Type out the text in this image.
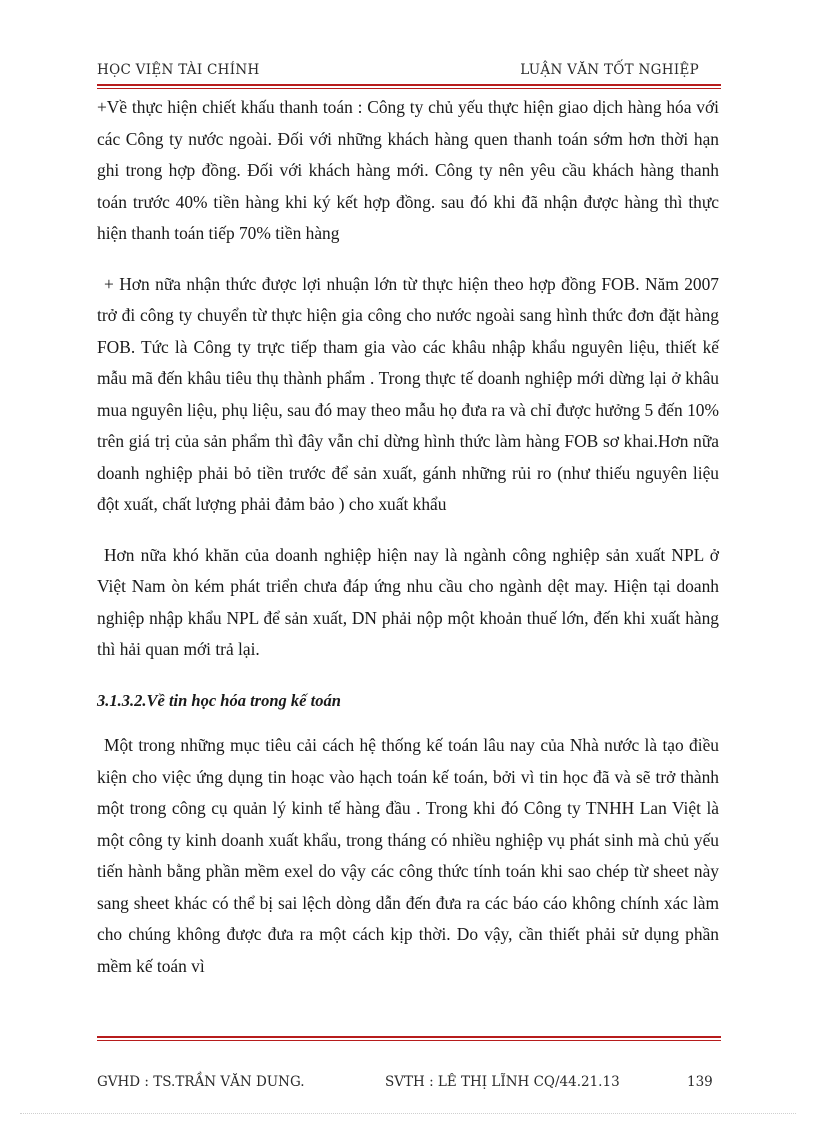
HỌC VIỆN TÀI CHÍNH	LUẬN VĂN TỐT NGHIỆP

+Về thực hiện chiết khấu thanh toán : Công ty chủ yếu thực hiện giao dịch hàng hóa với các Công ty nước ngoài. Đối với những khách hàng quen thanh toán sớm hơn thời hạn ghi trong hợp đồng. Đối với khách hàng mới. Công ty nên yêu cầu khách hàng thanh toán trước 40% tiền hàng khi ký kết hợp đồng. sau đó khi đã nhận được hàng thì thực hiện thanh toán tiếp 70% tiền hàng

+ Hơn nữa nhận thức được lợi nhuận lớn từ thực hiện theo hợp đồng FOB. Năm 2007 trở đi công ty chuyển từ thực hiện gia công cho nước ngoài sang hình thức đơn đặt hàng FOB. Tức là Công ty trực tiếp tham gia vào các khâu nhập khẩu nguyên liệu, thiết kế mẫu mã đến khâu tiêu thụ thành phẩm . Trong thực tế doanh nghiệp mới dừng lại ở khâu mua nguyên liệu, phụ liệu, sau đó may theo mẫu họ đưa ra và chỉ được hưởng 5 đến 10% trên giá trị của sản phẩm thì đây vẫn chỉ dừng hình thức làm hàng FOB sơ khai.Hơn nữa doanh nghiệp phải bỏ tiền trước để sản xuất, gánh những rủi ro (như thiếu nguyên liệu đột xuất, chất lượng phải đảm bảo ) cho xuất khẩu

Hơn nữa khó khăn của doanh nghiệp hiện nay là ngành công nghiệp sản xuất NPL ở Việt Nam òn kém phát triển chưa đáp ứng nhu cầu cho ngành dệt may. Hiện tại doanh nghiệp nhập khẩu NPL để sản xuất, DN phải nộp một khoản thuế lớn, đến khi xuất hàng thì hải quan mới trả lại.

3.1.3.2.Về tin học hóa trong kế toán

Một trong những mục tiêu cải cách hệ thống kế toán lâu nay của Nhà nước là tạo điều kiện cho việc ứng dụng tin hoạc vào hạch toán kế toán, bởi vì tin học đã và sẽ trở thành một trong công cụ quản lý kinh tế hàng đầu . Trong khi đó Công ty TNHH Lan Việt là một công ty kinh doanh xuất khẩu, trong tháng có nhiều nghiệp vụ phát sinh mà chủ yếu tiến hành bằng phần mềm exel do vậy các công thức tính toán khi sao chép từ sheet này sang sheet khác có thể bị sai lệch dòng dẫn đến đưa ra các báo cáo không chính xác làm cho chúng không được đưa ra một cách kịp thời. Do vậy, cần thiết phải sử dụng phần mềm kế toán vì

GVHD : TS.TRẦN VĂN DUNG.	SVTH : LÊ THỊ LĨNH CQ/44.21.13	139
